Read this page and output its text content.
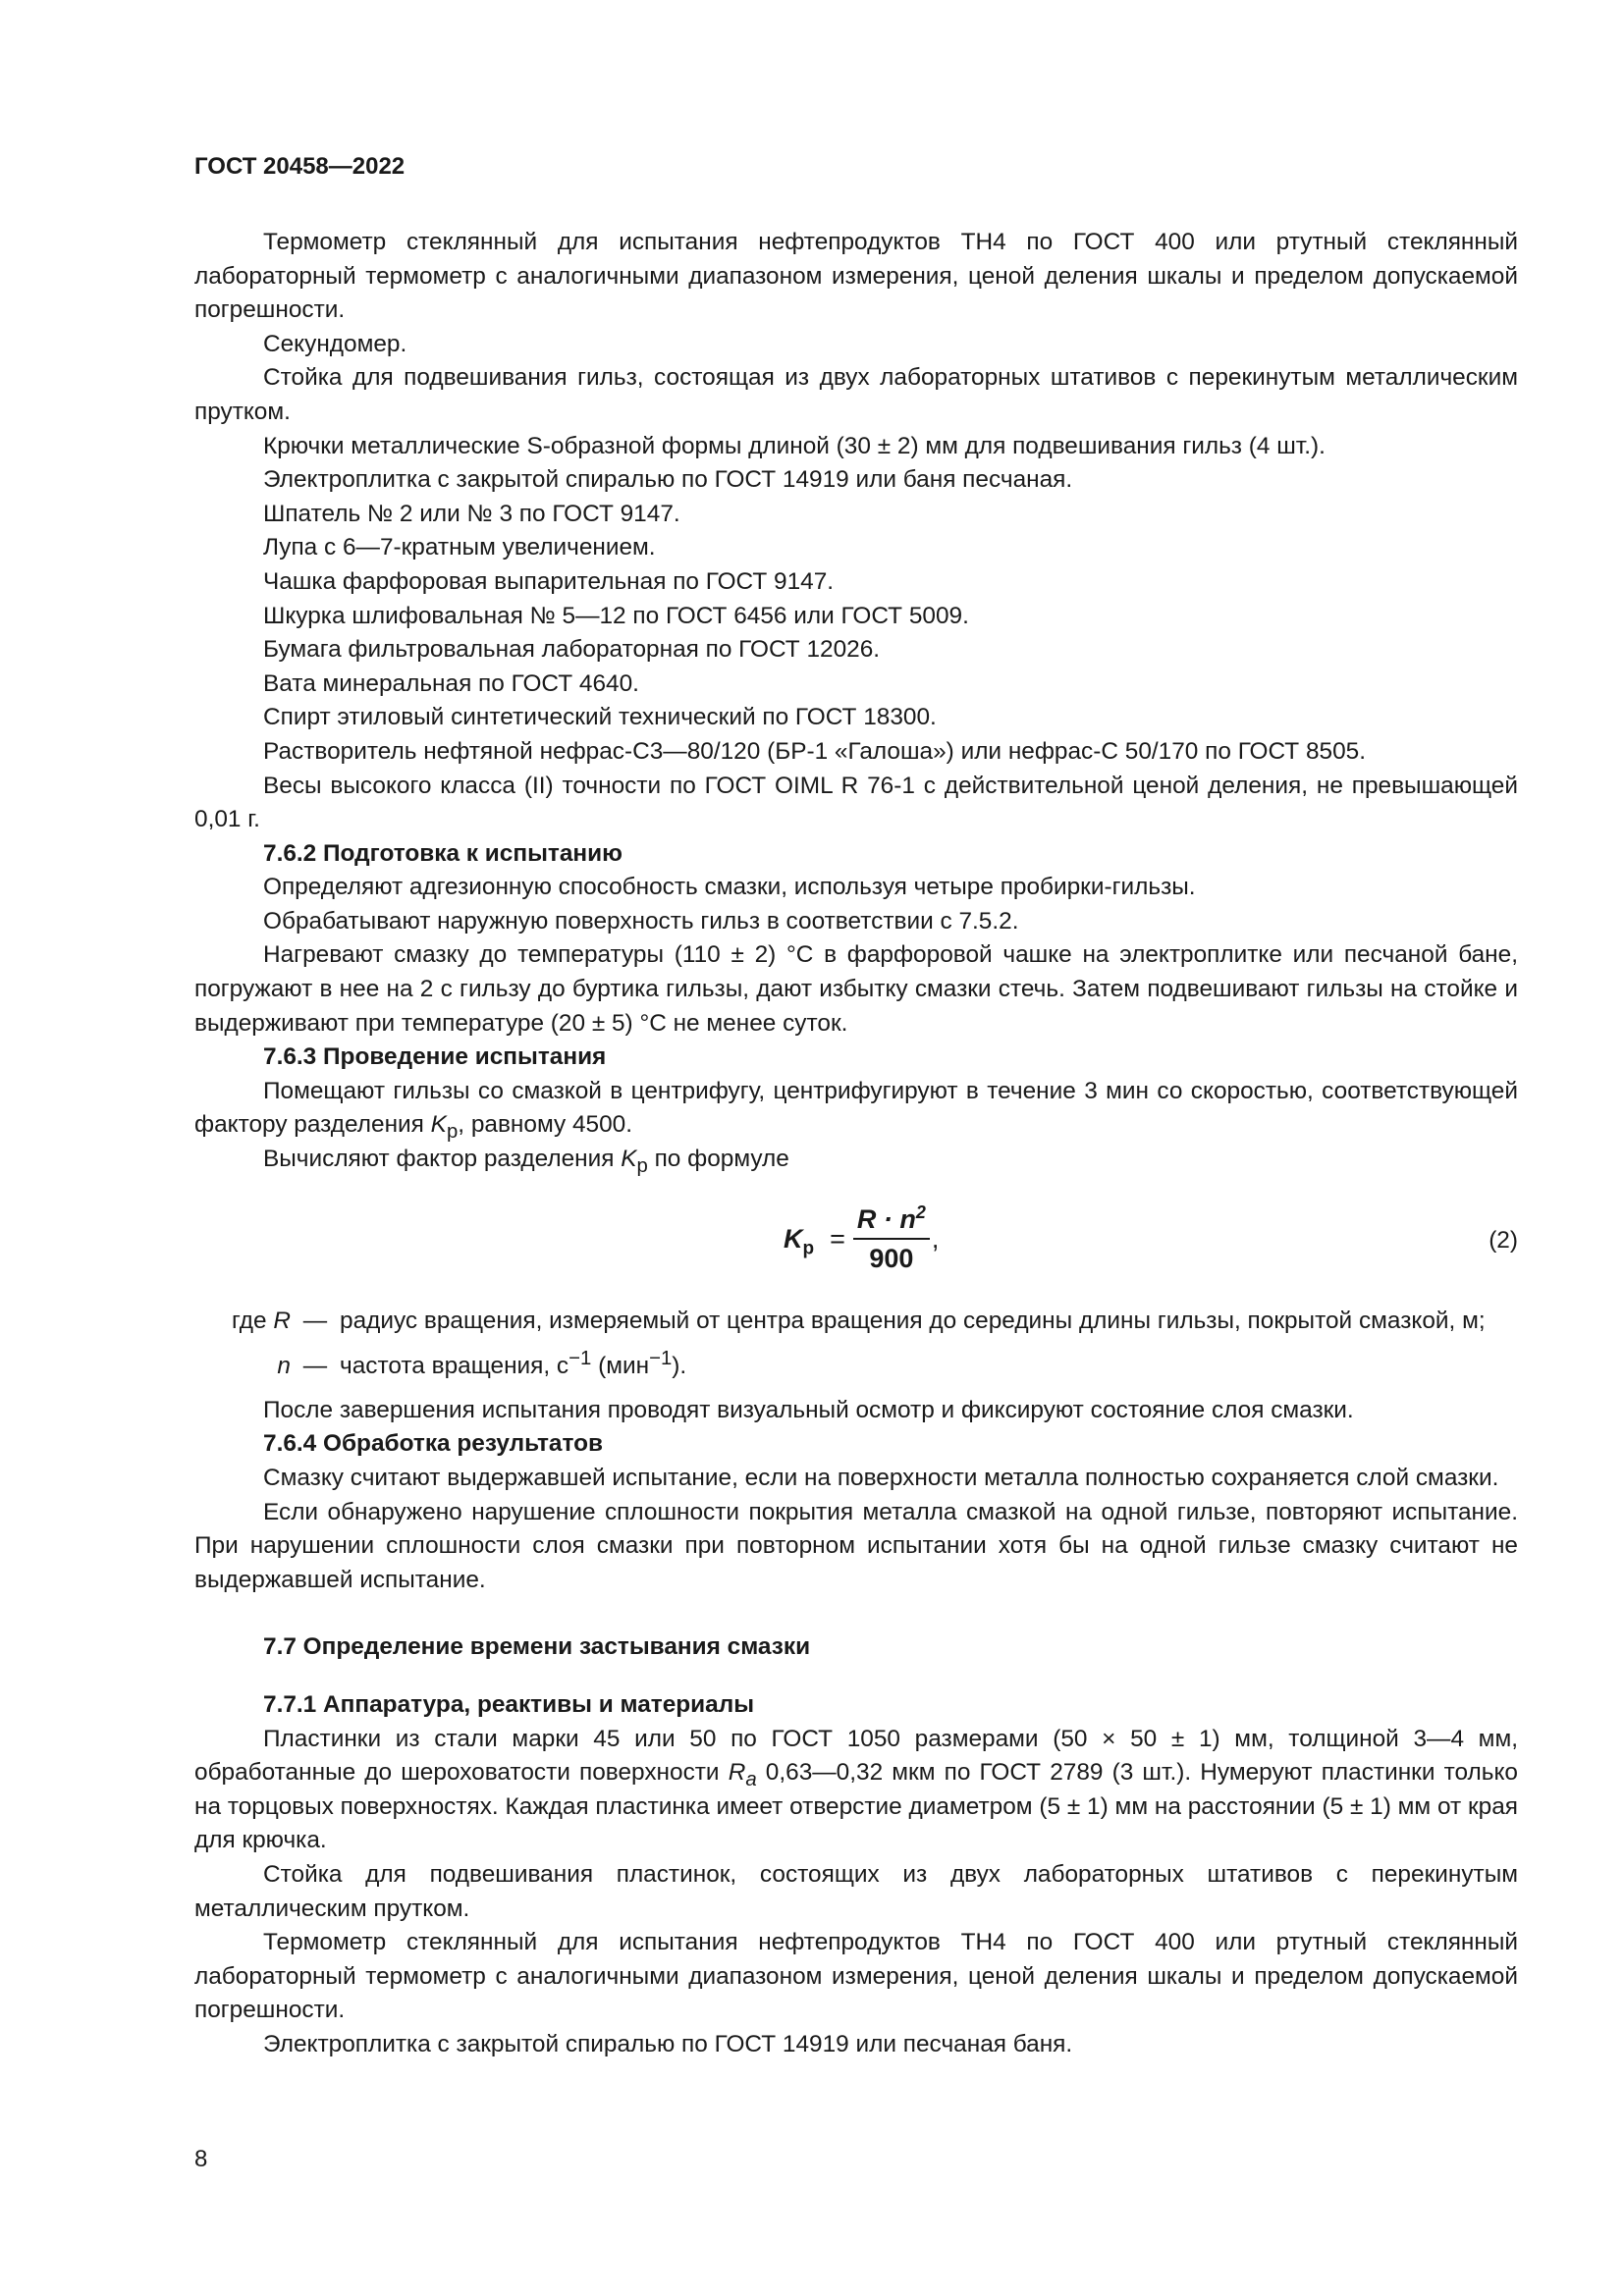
ГОСТ 20458—2022

Термометр стеклянный для испытания нефтепродуктов ТН4 по ГОСТ 400 или ртутный стеклянный лабораторный термометр с аналогичными диапазоном измерения, ценой деления шкалы и пределом допускаемой погрешности.

Секундомер.

Стойка для подвешивания гильз, состоящая из двух лабораторных штативов с перекинутым металлическим прутком.

Крючки металлические S-образной формы длиной (30 ± 2) мм для подвешивания гильз (4 шт.).

Электроплитка с закрытой спиралью по ГОСТ 14919 или баня песчаная.

Шпатель № 2 или № 3 по ГОСТ 9147.

Лупа с 6—7-кратным увеличением.

Чашка фарфоровая выпарительная по ГОСТ 9147.

Шкурка шлифовальная № 5—12 по ГОСТ 6456 или ГОСТ 5009.

Бумага фильтровальная лабораторная по ГОСТ 12026.

Вата минеральная по ГОСТ 4640.

Спирт этиловый синтетический технический по ГОСТ 18300.

Растворитель нефтяной нефрас-С3—80/120 (БР-1 «Галоша») или нефрас-С 50/170 по ГОСТ 8505.

Весы высокого класса (II) точности по ГОСТ OIML R 76-1 с действительной ценой деления, не превышающей 0,01 г.

7.6.2 Подготовка к испытанию

Определяют адгезионную способность смазки, используя четыре пробирки-гильзы.

Обрабатывают наружную поверхность гильз в соответствии с 7.5.2.

Нагревают смазку до температуры (110 ± 2) °С в фарфоровой чашке на электроплитке или песчаной бане, погружают в нее на 2 с гильзу до буртика гильзы, дают избытку смазки стечь. Затем подвешивают гильзы на стойке и выдерживают при температуре (20 ± 5) °С не менее суток.

7.6.3 Проведение испытания

Помещают гильзы со смазкой в центрифугу, центрифугируют в течение 3 мин со скоростью, соответствующей фактору разделения $K_р$, равному 4500.

Вычисляют фактор разделения $K_р$ по формуле

$K_р = \frac{R \cdot n^2}{900}$ ,	(2)
где R — радиус вращения, измеряемый от центра вращения до середины длины гильзы, покрытой смазкой, м;
n — частота вращения, $с^{-1}$ (мин$^{-1}$).

После завершения испытания проводят визуальный осмотр и фиксируют состояние слоя смазки.

7.6.4 Обработка результатов

Смазку считают выдержавшей испытание, если на поверхности металла полностью сохраняется слой смазки.

Если обнаружено нарушение сплошности покрытия металла смазкой на одной гильзе, повторяют испытание. При нарушении сплошности слоя смазки при повторном испытании хотя бы на одной гильзе смазку считают не выдержавшей испытание.

7.7 Определение времени застывания смазки

7.7.1 Аппаратура, реактивы и материалы

Пластинки из стали марки 45 или 50 по ГОСТ 1050 размерами (50 × 50 ± 1) мм, толщиной 3—4 мм, обработанные до шероховатости поверхности $R_a$ 0,63—0,32 мкм по ГОСТ 2789 (3 шт.). Нумеруют пластинки только на торцовых поверхностях. Каждая пластинка имеет отверстие диаметром (5 ± 1) мм на расстоянии (5 ± 1) мм от края для крючка.

Стойка для подвешивания пластинок, состоящих из двух лабораторных штативов с перекинутым металлическим прутком.

Термометр стеклянный для испытания нефтепродуктов ТН4 по ГОСТ 400 или ртутный стеклянный лабораторный термометр с аналогичными диапазоном измерения, ценой деления шкалы и пределом допускаемой погрешности.

Электроплитка с закрытой спиралью по ГОСТ 14919 или песчаная баня.

8
